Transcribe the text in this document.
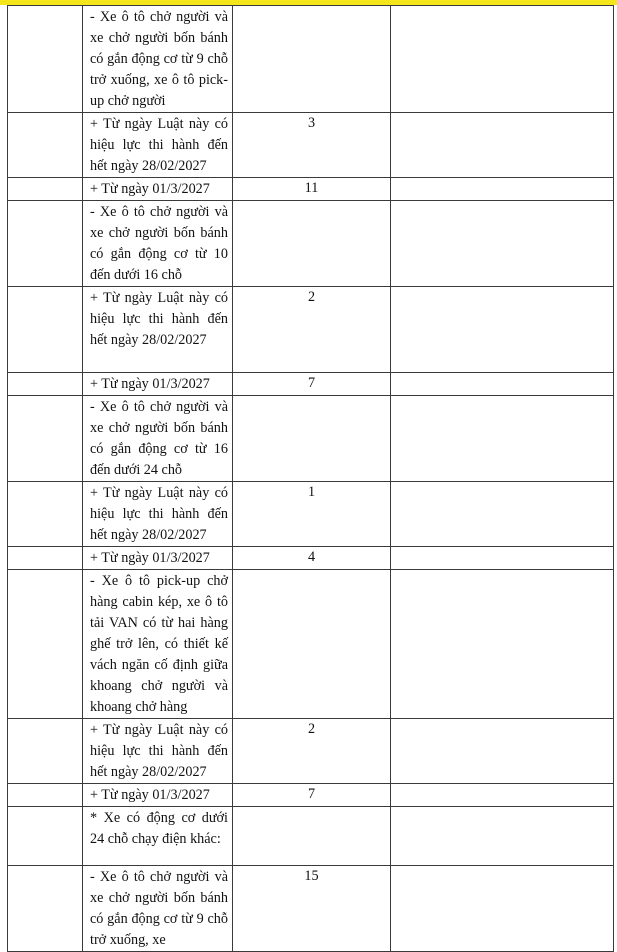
	- Xe ô tô chở người và xe chở người bốn bánh có gắn động cơ từ 9 chỗ trở xuống, xe ô tô pick-up chở người		

	+ Từ ngày Luật này có hiệu lực thi hành đến hết ngày 28/02/2027	3	

	+ Từ ngày 01/3/2027	11	

	- Xe ô tô chở người và xe chở người bốn bánh có gắn động cơ từ 10 đến dưới 16 chỗ		

	+ Từ ngày Luật này có hiệu lực thi hành đến hết ngày 28/02/2027	2	

	+ Từ ngày 01/3/2027	7	

	- Xe ô tô chở người và xe chở người bốn bánh có gắn động cơ từ 16 đến dưới 24 chỗ		

	+ Từ ngày Luật này có hiệu lực thi hành đến hết ngày 28/02/2027	1	

	+ Từ ngày 01/3/2027	4	

	- Xe ô tô pick-up chở hàng cabin kép, xe ô tô tải VAN có từ hai hàng ghế trở lên, có thiết kế vách ngăn cố định giữa khoang chở người và khoang chở hàng		

	+ Từ ngày Luật này có hiệu lực thi hành đến hết ngày 28/02/2027	2	

	+ Từ ngày 01/3/2027	7	

	* Xe có động cơ dưới 24 chỗ chạy điện khác:		

	- Xe ô tô chở người và xe chở người bốn bánh có gắn động cơ từ 9 chỗ trở xuống, xe	15	
